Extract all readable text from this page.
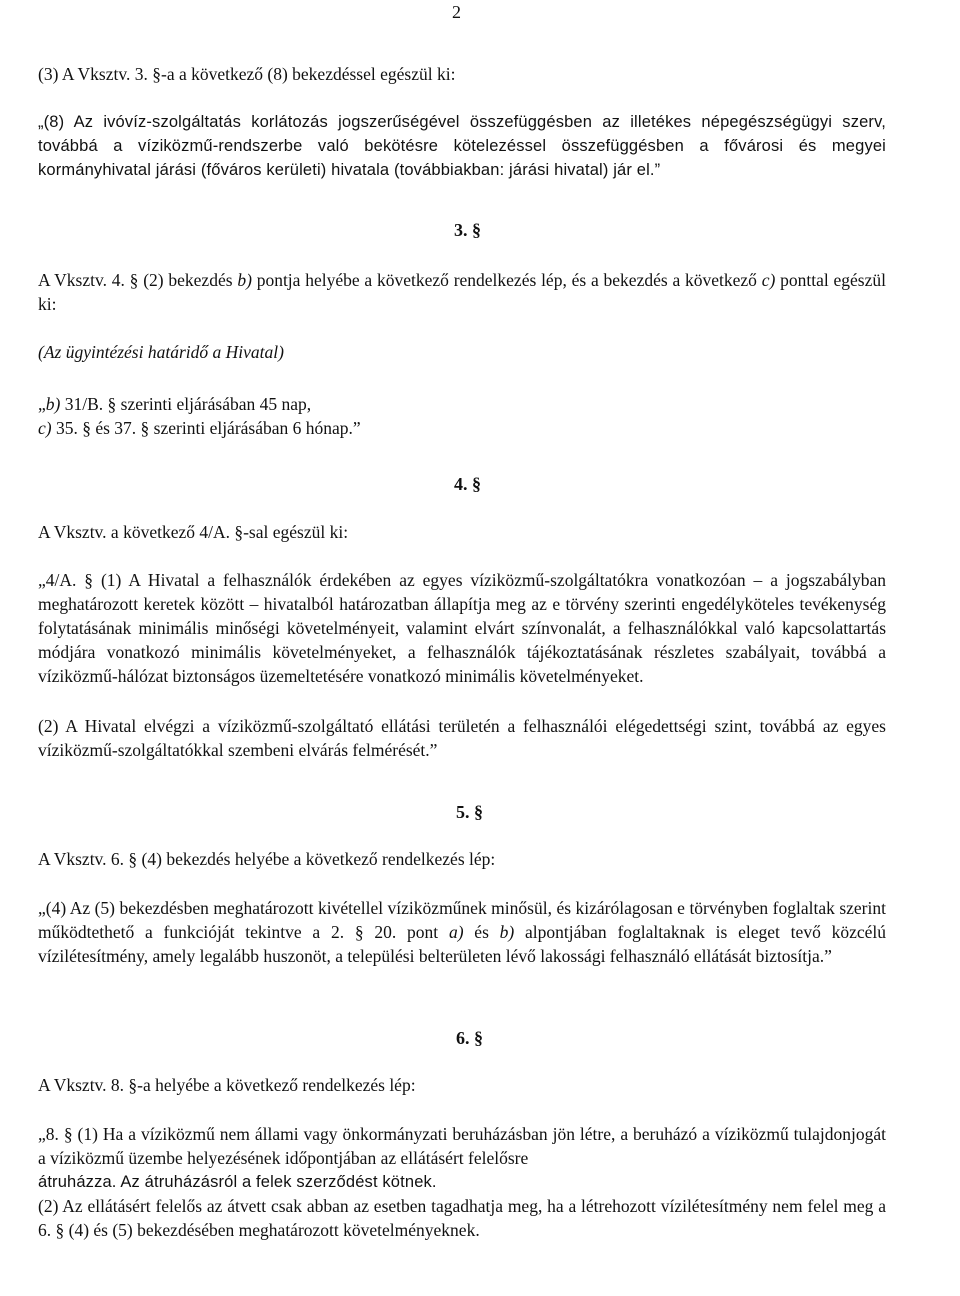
2

(3) A Vksztv. 3. §-a a következő (8) bekezdéssel egészül ki:

„(8) Az ivóvíz-szolgáltatás korlátozás jogszerűségével összefüggésben az illetékes népegészségügyi szerv, továbbá a víziközmű-rendszerbe való bekötésre kötelezéssel összefüggésben a fővárosi és megyei kormányhivatal járási (főváros kerületi) hivatala (továbbiakban: járási hivatal) jár el.”

3. §

A Vksztv. 4. § (2) bekezdés b) pontja helyébe a következő rendelkezés lép, és a bekezdés a következő c) ponttal egészül ki:

(Az ügyintézési határidő a Hivatal)

„b) 31/B. § szerinti eljárásában 45 nap,

c) 35. § és 37. § szerinti eljárásában 6 hónap.”

4. §

A Vksztv. a következő 4/A. §-sal egészül ki:

„4/A. § (1) A Hivatal a felhasználók érdekében az egyes víziközmű-szolgáltatókra vonatkozóan – a jogszabályban meghatározott keretek között – hivatalból határozatban állapítja meg az e törvény szerinti engedélyköteles tevékenység folytatásának minimális minőségi követelményeit, valamint elvárt színvonalát, a felhasználókkal való kapcsolattartás módjára vonatkozó minimális követelményeket, a felhasználók tájékoztatásának részletes szabályait, továbbá a víziközmű-hálózat biztonságos üzemeltetésére vonatkozó minimális követelményeket.

(2) A Hivatal elvégzi a víziközmű-szolgáltató ellátási területén a felhasználói elégedettségi szint, továbbá az egyes víziközmű-szolgáltatókkal szembeni elvárás felmérését.”

5. §

A Vksztv. 6. § (4) bekezdés helyébe a következő rendelkezés lép:

„(4) Az (5) bekezdésben meghatározott kivétellel víziközműnek minősül, és kizárólagosan e törvényben foglaltak szerint működtethető a funkcióját tekintve a 2. § 20. pont a) és b) alpontjában foglaltaknak is eleget tevő közcélú vízilétesítmény, amely legalább huszonöt, a települési belterületen lévő lakossági felhasználó ellátását biztosítja.”

6. §

A Vksztv. 8. §-a helyébe a következő rendelkezés lép:

„8. § (1) Ha a víziközmű nem állami vagy önkormányzati beruházásban jön létre, a beruházó a víziközmű tulajdonjogát a víziközmű üzembe helyezésének időpontjában az ellátásért felelősre

átruházza. Az átruházásról a felek szerződést kötnek.

(2) Az ellátásért felelős az átvett csak abban az esetben tagadhatja meg, ha a létrehozott vízilétesítmény nem felel meg a 6. § (4) és (5) bekezdésében meghatározott követelményeknek.
